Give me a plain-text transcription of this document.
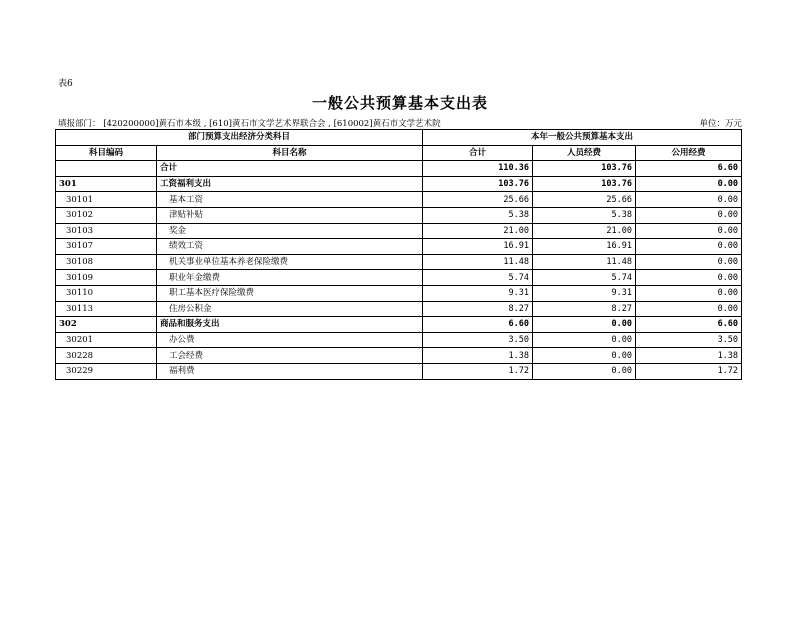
表6
一般公共预算基本支出表
填报部门： [420200000]黄石市本级 , [610]黄石市文学艺术界联合会 , [610002]黄石市文学艺术院	单位：万元
部门预算支出经济分类科目		本年一般公共预算基本支出		
科目编码	科目名称	合计	人员经费	公用经费
	合计	110.36	103.76	6.60
301	工资福利支出	103.76	103.76	0.00
30101	基本工资	25.66	25.66	0.00
30102	津贴补贴	5.38	5.38	0.00
30103	奖金	21.00	21.00	0.00
30107	绩效工资	16.91	16.91	0.00
30108	机关事业单位基本养老保险缴费	11.48	11.48	0.00
30109	职业年金缴费	5.74	5.74	0.00
30110	职工基本医疗保险缴费	9.31	9.31	0.00
30113	住房公积金	8.27	8.27	0.00
302	商品和服务支出	6.60	0.00	6.60
30201	办公费	3.50	0.00	3.50
30228	工会经费	1.38	0.00	1.38
30229	福利费	1.72	0.00	1.72
